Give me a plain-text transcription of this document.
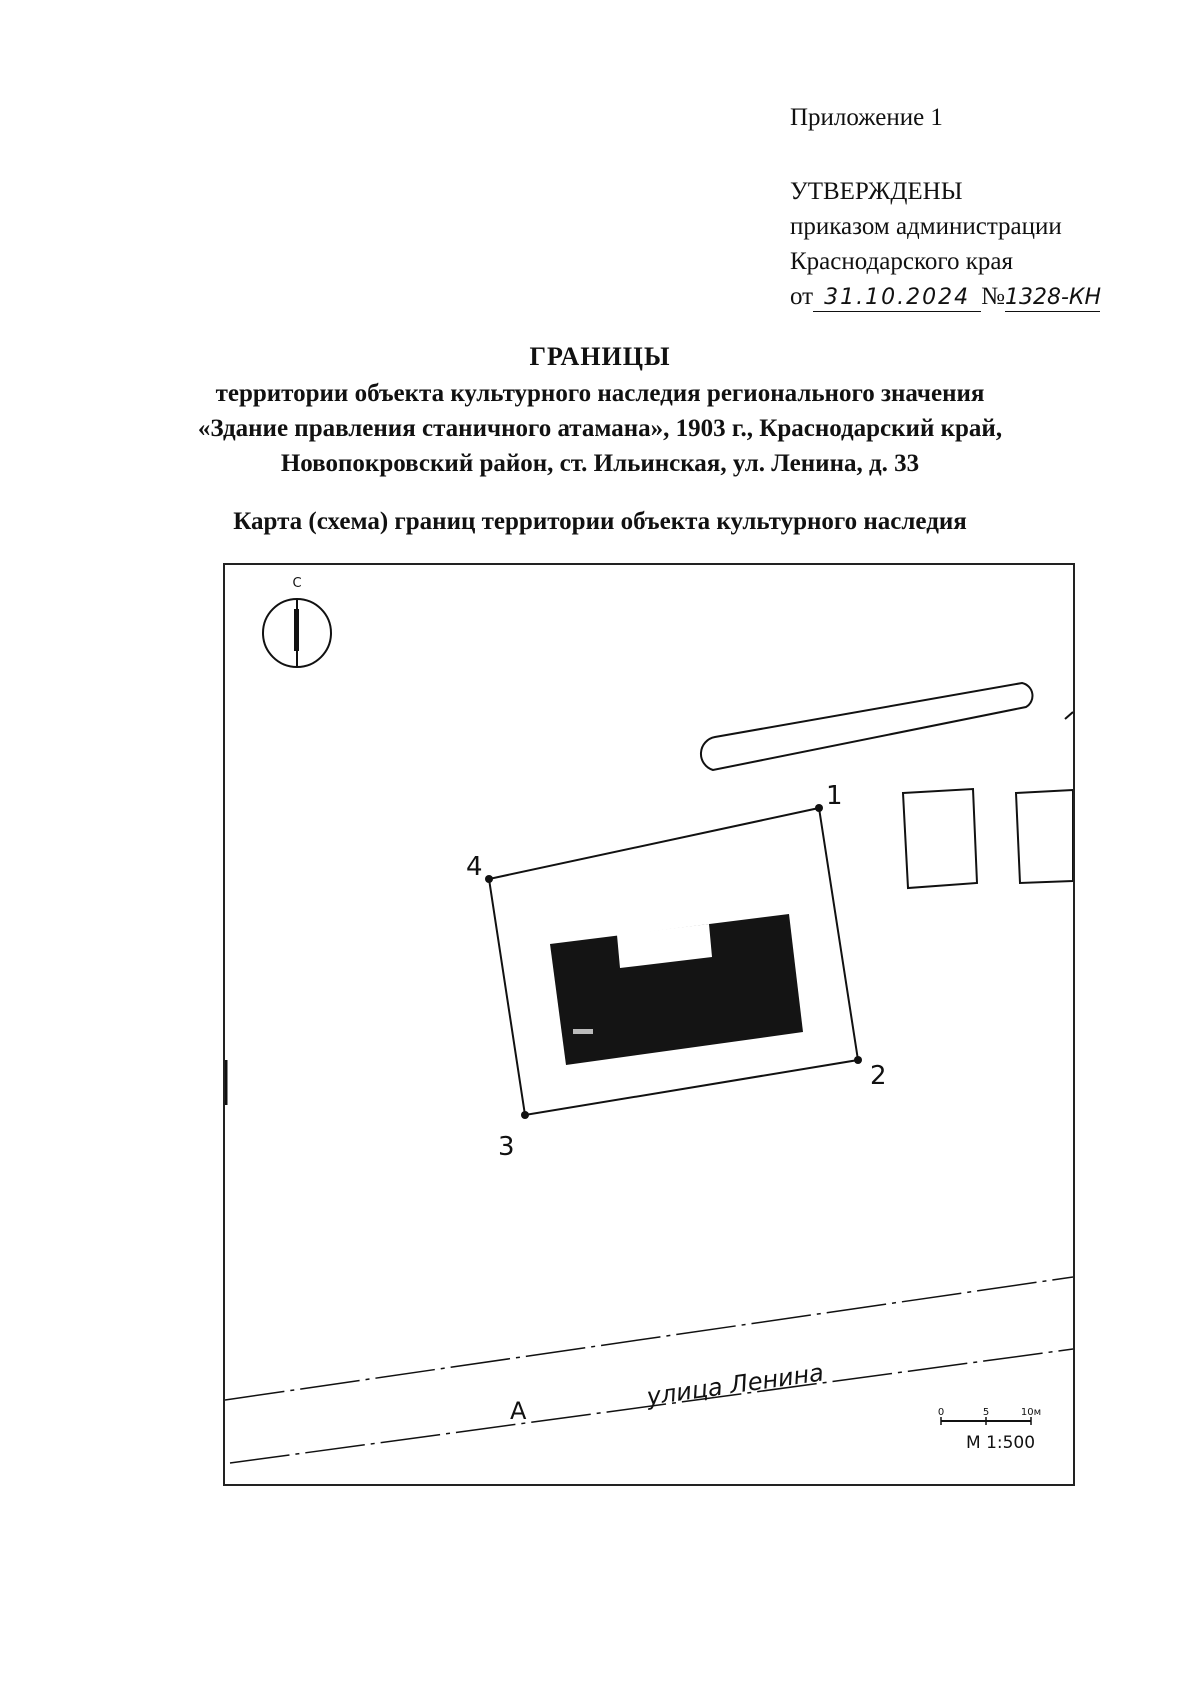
Приложение 1
УТВЕРЖДЕНЫ
приказом администрации
Краснодарского края
от 31.10.2024 №1328-КН
ГРАНИЦЫ
территории объекта культурного наследия регионального значения
«Здание правления станичного атамана», 1903 г., Краснодарский край,
Новопокровский район, ст. Ильинская, ул. Ленина, д. 33
Карта (схема) границ территории объекта культурного наследия
С
1
2
3
4
улица Ленина
А	0	5	10м
М 1:500
